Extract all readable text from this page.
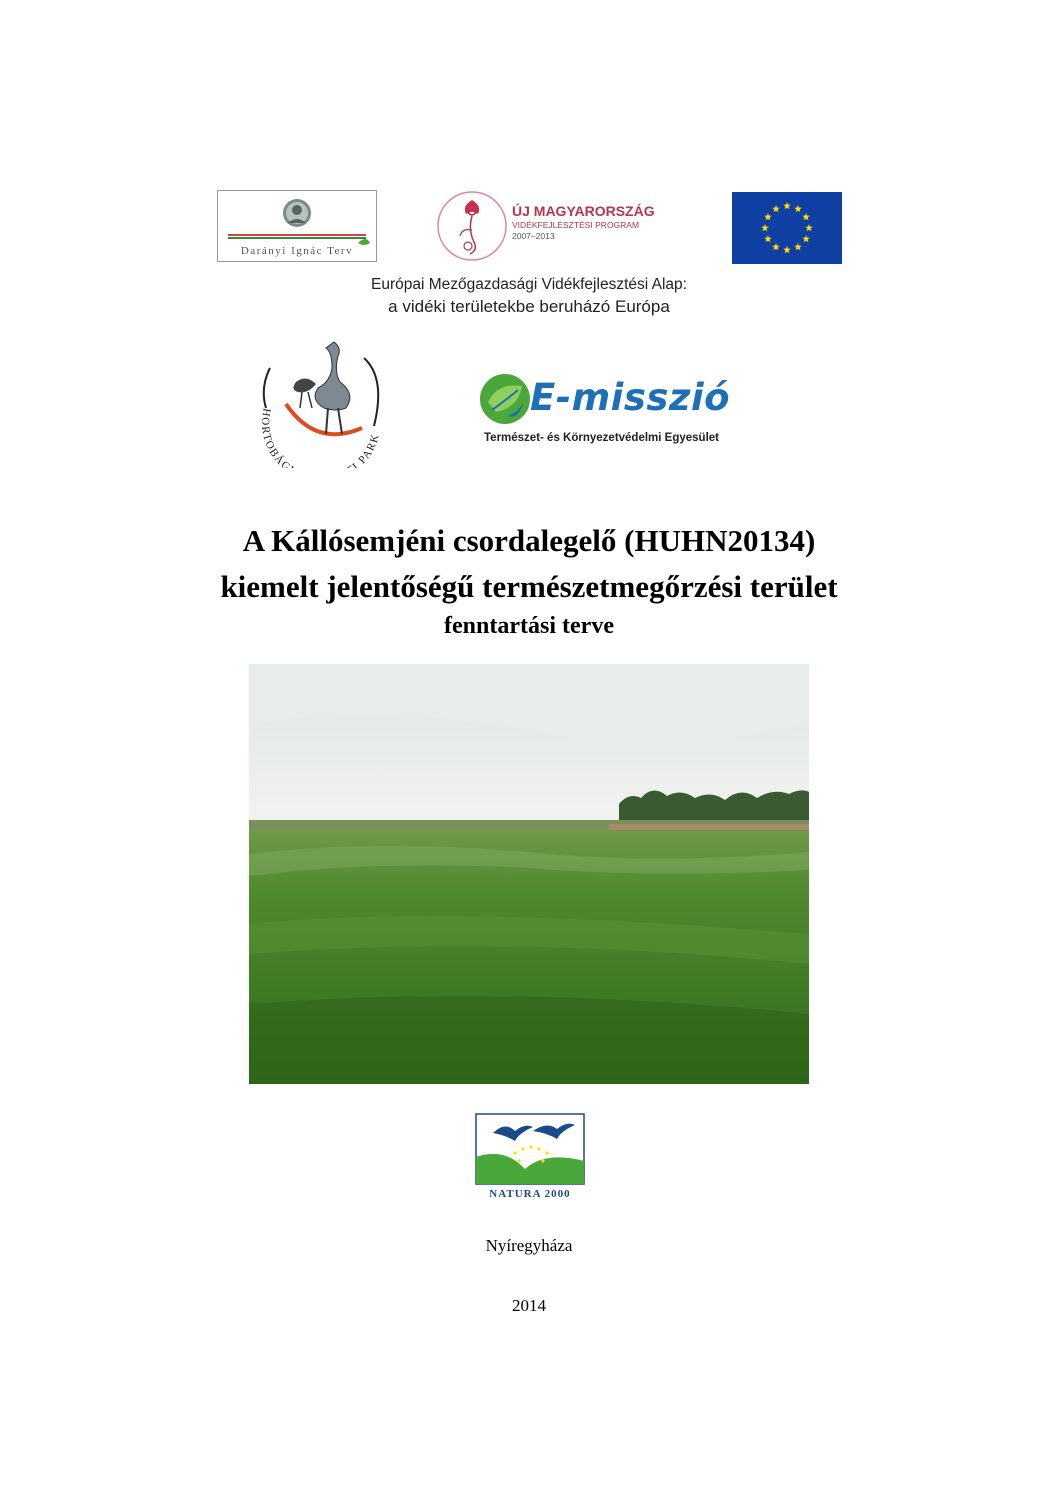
Darányi Ignác Terv
ÚJ MAGYARORSZÁG
VIDÉKFEJLESZTÉSI PROGRAM
2007–2013
Európai Mezőgazdasági Vidékfejlesztési Alap:
a vidéki területekbe beruházó Európa
HORTOBÁG I PARK
E-misszió
Természet- és Környezetvédelmi Egyesület
A Kállósemjéni csordalegelő (HUHN20134)
kiemelt jelentőségű természetmegőrzési terület
fenntartási terve
NATURA 2000
Nyíregyháza
2014
